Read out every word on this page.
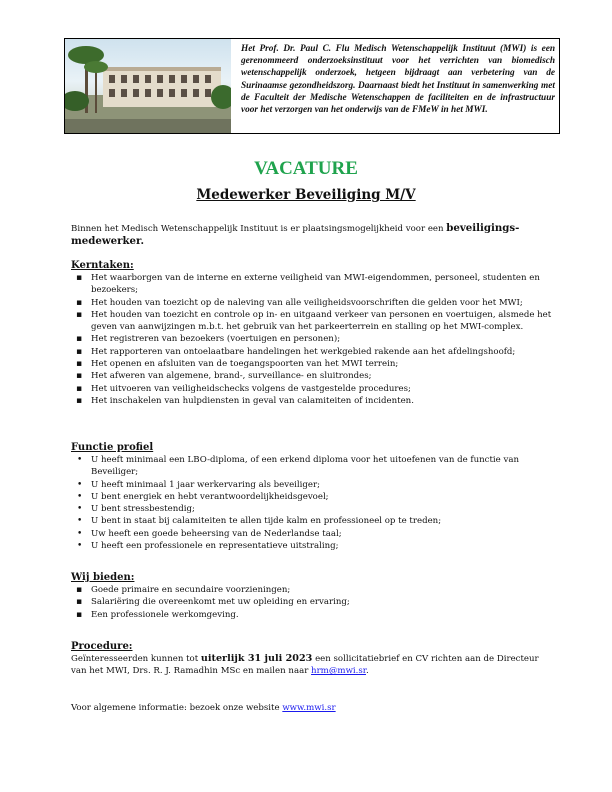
Het Prof. Dr. Paul C. Flu Medisch Wetenschappelijk Instituut (MWI) is een gerenommeerd onderzoeksinstituut voor het verrichten van biomedisch wetenschappelijk onderzoek, hetgeen bijdraagt aan verbetering van de Surinaamse gezondheidszorg. Daarnaast biedt het Instituut in samenwerking met de Faculteit der Medische Wetenschappen de faciliteiten en de infrastructuur voor het verzorgen van het onderwijs van de FMeW in het MWI.
VACATURE
Medewerker Beveiliging M/V
Binnen het Medisch Wetenschappelijk Instituut is er plaatsingsmogelijkheid voor een beveiligings-medewerker.
Kerntaken:
▪ Het waarborgen van de interne en externe veiligheid van MWI-eigendommen, personeel, studenten en bezoekers;
▪ Het houden van toezicht op de naleving van alle veiligheidsvoorschriften die gelden voor het MWI;
▪ Het houden van toezicht en controle op in- en uitgaand verkeer van personen en voertuigen, alsmede het geven van aanwijzingen m.b.t. het gebruik van het parkeerterrein en stalling op het MWI-complex.
▪ Het registreren van bezoekers (voertuigen en personen);
▪ Het rapporteren van ontoelaatbare handelingen het werkgebied rakende aan het afdelingshoofd;
▪ Het openen en afsluiten van de toegangspoorten van het MWI terrein;
▪ Het afweren van algemene, brand-, surveillance- en sluitrondes;
▪ Het uitvoeren van veiligheidschecks volgens de vastgestelde procedures;
▪ Het inschakelen van hulpdiensten in geval van calamiteiten of incidenten.
Functie profiel
• U heeft minimaal een LBO-diploma, of een erkend diploma voor het uitoefenen van de functie van Beveiliger;
• U heeft minimaal 1 jaar werkervaring als beveiliger;
• U bent energiek en hebt verantwoordelijkheidsgevoel;
• U bent stressbestendig;
• U bent in staat bij calamiteiten te allen tijde kalm en professioneel op te treden;
• Uw heeft een goede beheersing van de Nederlandse taal;
• U heeft een professionele en representatieve uitstraling;
Wij bieden:
▪ Goede primaire en secundaire voorzieningen;
▪ Salariëring die overeenkomt met uw opleiding en ervaring;
▪ Een professionele werkomgeving.
Procedure:
Geïnteresseerden kunnen tot uiterlijk 31 juli 2023 een sollicitatiebrief en CV richten aan de Directeur van het MWI, Drs. R. J. Ramadhin MSc en mailen naar hrm@mwi.sr.
Voor algemene informatie: bezoek onze website www.mwi.sr
